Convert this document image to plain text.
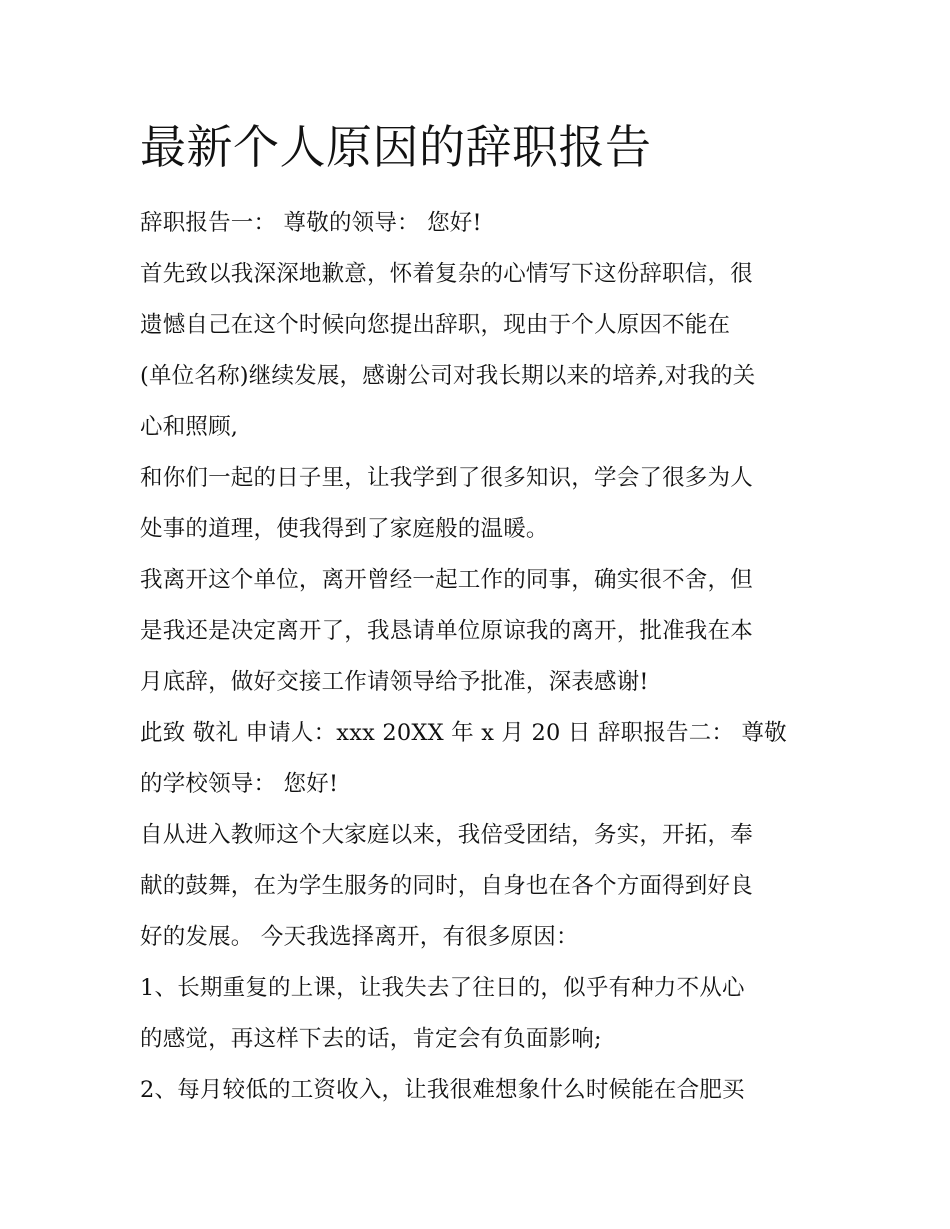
最新个人原因的辞职报告
辞职报告一： 尊敬的领导： 您好!
首先致以我深深地歉意，怀着复杂的心情写下这份辞职信，很
遗憾自己在这个时候向您提出辞职，现由于个人原因不能在
(单位名称)继续发展，感谢公司对我长期以来的培养,对我的关
心和照顾,
和你们一起的日子里，让我学到了很多知识，学会了很多为人
处事的道理，使我得到了家庭般的温暖。
我离开这个单位，离开曾经一起工作的同事，确实很不舍，但
是我还是决定离开了，我恳请单位原谅我的离开，批准我在本
月底辞，做好交接工作请领导给予批准，深表感谢!
此致 敬礼 申请人：xxx 20XX 年 x 月 20 日 辞职报告二： 尊敬
的学校领导： 您好!
自从进入教师这个大家庭以来，我倍受团结，务实，开拓，奉
献的鼓舞，在为学生服务的同时，自身也在各个方面得到好良
好的发展。 今天我选择离开，有很多原因：
1、长期重复的上课，让我失去了往日的，似乎有种力不从心
的感觉，再这样下去的话，肯定会有负面影响;
2、每月较低的工资收入，让我很难想象什么时候能在合肥买
